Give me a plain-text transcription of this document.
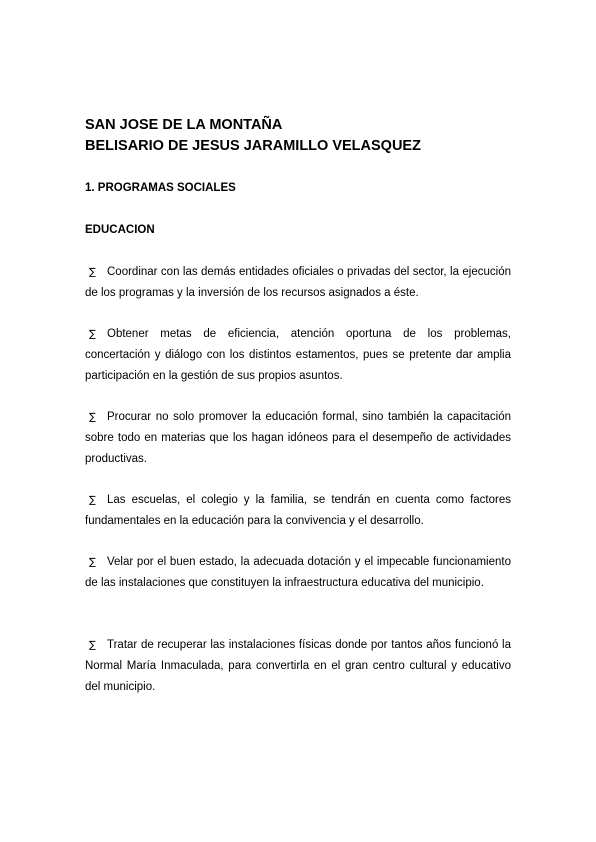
SAN JOSE DE LA MONTAÑA
BELISARIO DE JESUS JARAMILLO VELASQUEZ
1. PROGRAMAS SOCIALES
EDUCACION

∑ Coordinar con las demás entidades oficiales o privadas del sector, la ejecución de los programas y la inversión de los recursos asignados a éste.

∑ Obtener metas de eficiencia, atención oportuna de los problemas, concertación y diálogo con los distintos estamentos, pues se pretente dar amplia participación en la gestión de sus propios asuntos.

∑ Procurar no solo promover la educación formal, sino también la capacitación sobre todo en materias que los hagan idóneos para el desempeño de actividades productivas.

∑ Las escuelas, el colegio y la familia, se tendrán en cuenta como factores fundamentales en la educación para la convivencia y el desarrollo.

∑ Velar por el buen estado, la adecuada dotación y el impecable funcionamiento de las instalaciones que constituyen la infraestructura educativa del municipio.

∑ Tratar de recuperar las instalaciones físicas donde por tantos años funcionó la Normal María Inmaculada, para convertirla en el gran centro cultural y educativo del municipio.
